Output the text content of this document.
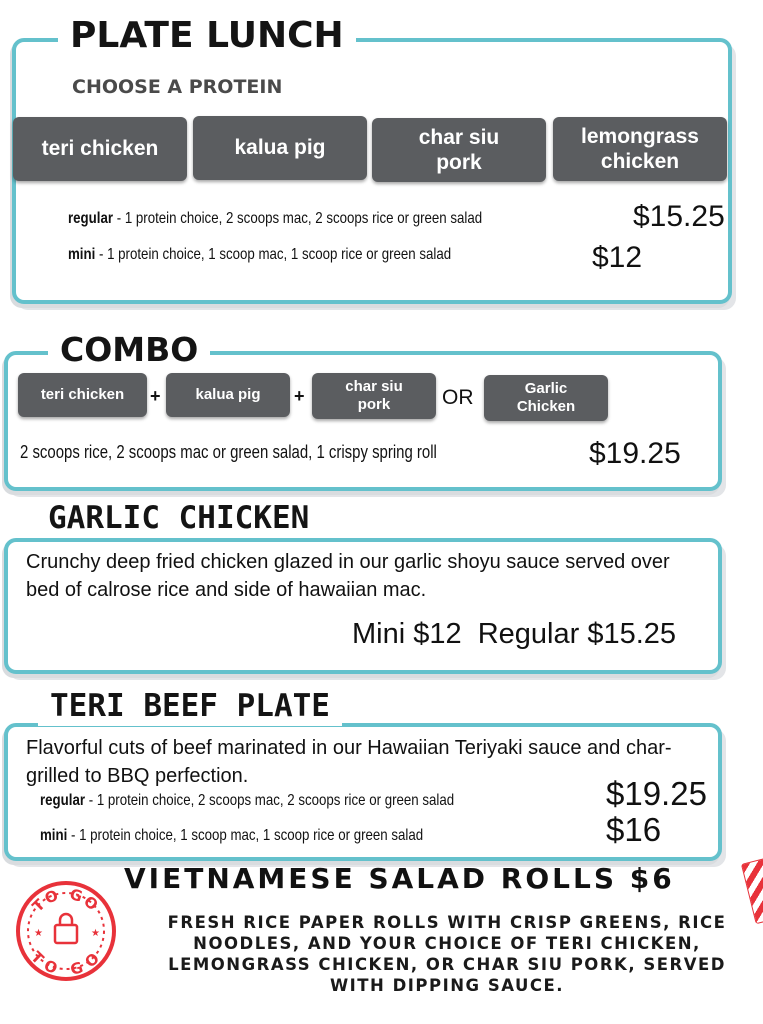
PLATE LUNCH
CHOOSE A PROTEIN
teri chicken	kalua pig	char siu pork
lemongrass chicken
regular - 1 protein choice, 2 scoops mac, 2 scoops rice or green salad	$15.25
mini - 1 protein choice, 1 scoop mac, 1 scoop rice or green salad	$12
COMBO
teri chicken	+	kalua pig	+	char siu pork	OR	Garlic Chicken
2 scoops rice, 2 scoops mac or green salad, 1 crispy spring roll	$19.25
GARLIC CHICKEN
Crunchy deep fried chicken glazed in our garlic shoyu sauce served over bed of calrose rice and side of hawaiian mac.
Mini $12  Regular $15.25
TERI BEEF PLATE
Flavorful cuts of beef marinated in our Hawaiian Teriyaki sauce and char-grilled to BBQ perfection.
regular - 1 protein choice, 2 scoops mac, 2 scoops rice or green salad	$19.25
mini - 1 protein choice, 1 scoop mac, 1 scoop rice or green salad	$16
VIETNAMESE SALAD ROLLS $6
FRESH RICE PAPER ROLLS WITH CRISP GREENS, RICE NOODLES, AND YOUR CHOICE OF TERI CHICKEN, LEMONGRASS CHICKEN, OR CHAR SIU PORK, SERVED WITH DIPPING SAUCE.
TO GO
TO GO
★	★
